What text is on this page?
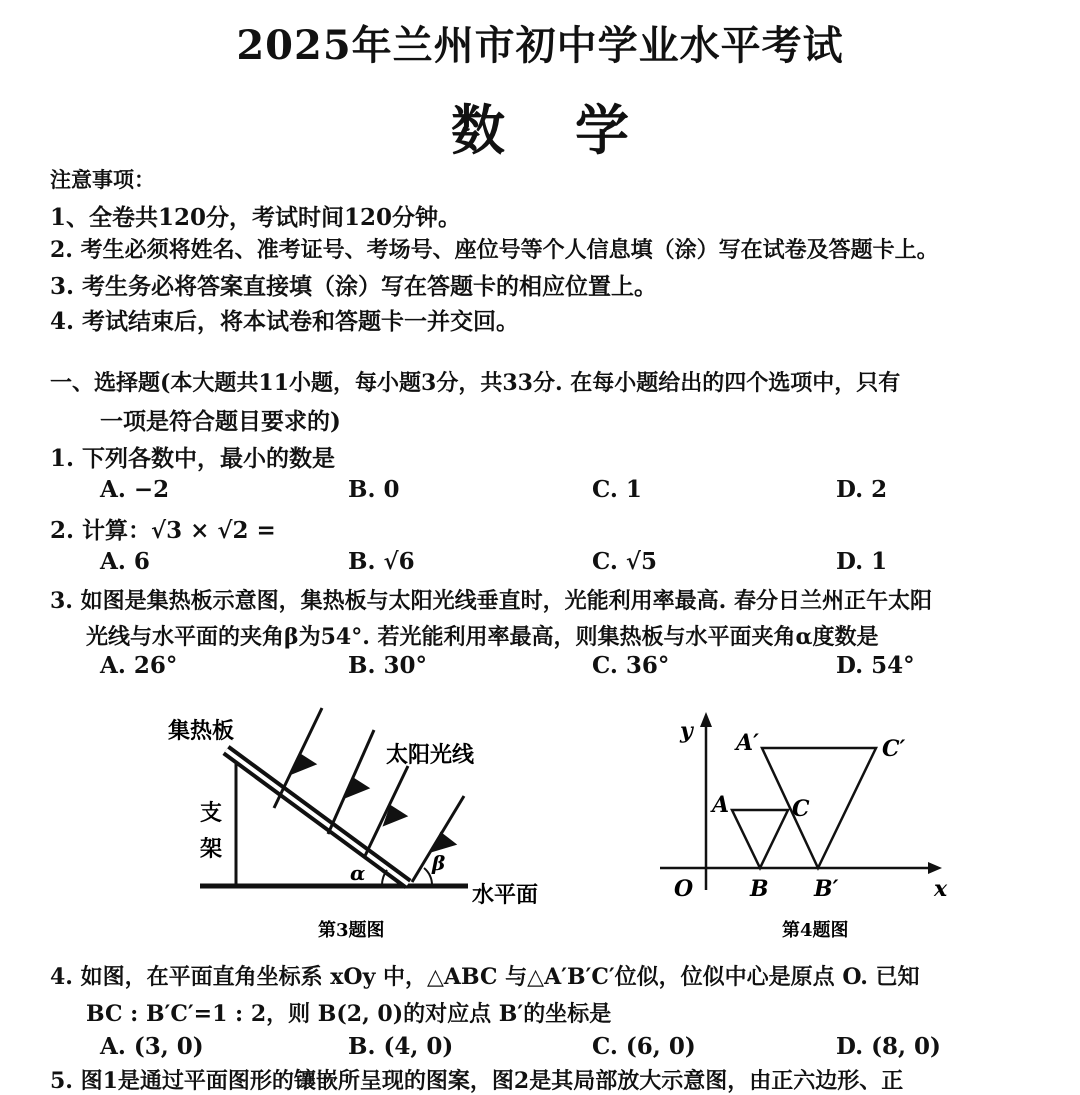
2025年兰州市初中学业水平考试
数学
注意事项：
1、全卷共120分，考试时间120分钟。
2. 考生必须将姓名、准考证号、考场号、座位号等个人信息填（涂）写在试卷及答题卡上。
3. 考生务必将答案直接填（涂）写在答题卡的相应位置上。
4. 考试结束后，将本试卷和答题卡一并交回。
一、选择题(本大题共11小题，每小题3分，共33分. 在每小题给出的四个选项中，只有
一项是符合题目要求的)
1. 下列各数中，最小的数是
A. −2	B. 0	C. 1	D. 2
2. 计算：√3 × √2 =
A. 6	B. √6	C. √5	D. 1
3. 如图是集热板示意图，集热板与太阳光线垂直时，光能利用率最高. 春分日兰州正午太阳
光线与水平面的夹角β为54°. 若光能利用率最高，则集热板与水平面夹角α度数是
A. 26°	B. 30°	C. 36°	D. 54°
集热板
太阳光线
支
架
α	β
水平面
第3题图
y
x
O
A
B
C
A′
B′
C′
第4题图
4. 如图，在平面直角坐标系 xOy 中，△ABC 与△A′B′C′位似，位似中心是原点 O. 已知
BC : B′C′=1 : 2，则 B(2, 0)的对应点 B′的坐标是
A. (3, 0)	B. (4, 0)	C. (6, 0)	D. (8, 0)
5. 图1是通过平面图形的镶嵌所呈现的图案，图2是其局部放大示意图，由正六边形、正
